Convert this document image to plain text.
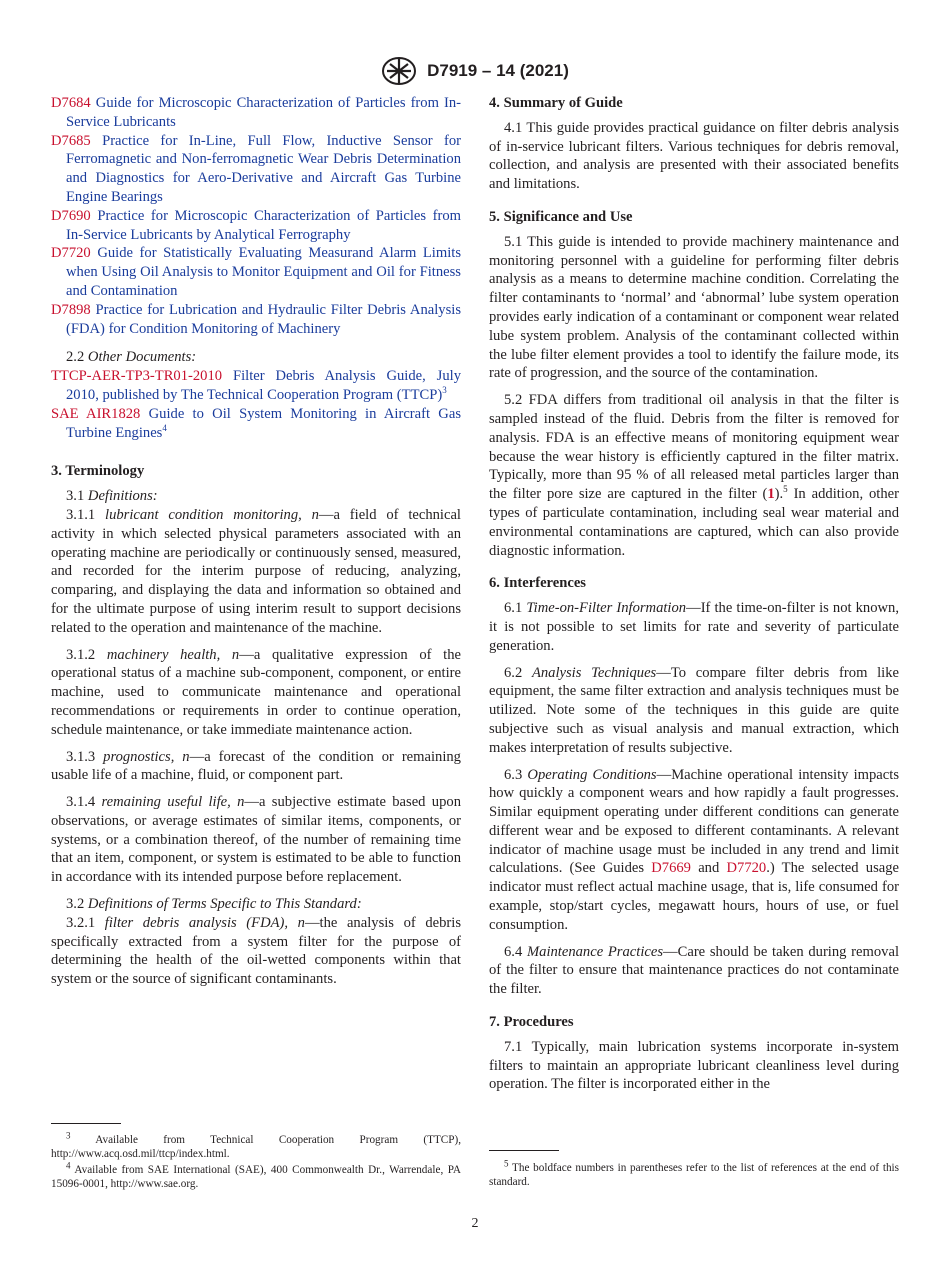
D7919 – 14 (2021)

D7684 Guide for Microscopic Characterization of Particles from In-Service Lubricants

D7685 Practice for In-Line, Full Flow, Inductive Sensor for Ferromagnetic and Non-ferromagnetic Wear Debris Determination and Diagnostics for Aero-Derivative and Aircraft Gas Turbine Engine Bearings

D7690 Practice for Microscopic Characterization of Particles from In-Service Lubricants by Analytical Ferrography

D7720 Guide for Statistically Evaluating Measurand Alarm Limits when Using Oil Analysis to Monitor Equipment and Oil for Fitness and Contamination

D7898 Practice for Lubrication and Hydraulic Filter Debris Analysis (FDA) for Condition Monitoring of Machinery

2.2 Other Documents:

TTCP-AER-TP3-TR01-2010 Filter Debris Analysis Guide, July 2010, published by The Technical Cooperation Program (TTCP)$^3$

SAE AIR1828 Guide to Oil System Monitoring in Aircraft Gas Turbine Engines$^4$

3. Terminology

3.1 Definitions:

3.1.1 lubricant condition monitoring, n—a field of technical activity in which selected physical parameters associated with an operating machine are periodically or continuously sensed, measured, and recorded for the interim purpose of reducing, analyzing, comparing, and displaying the data and information so obtained and for the ultimate purpose of using interim result to support decisions related to the operation and maintenance of the machine.

3.1.2 machinery health, n—a qualitative expression of the operational status of a machine sub-component, component, or entire machine, used to communicate maintenance and operational recommendations or requirements in order to continue operation, schedule maintenance, or take immediate maintenance action.

3.1.3 prognostics, n—a forecast of the condition or remaining usable life of a machine, fluid, or component part.

3.1.4 remaining useful life, n—a subjective estimate based upon observations, or average estimates of similar items, components, or systems, or a combination thereof, of the number of remaining time that an item, component, or system is estimated to be able to function in accordance with its intended purpose before replacement.

3.2 Definitions of Terms Specific to This Standard:

3.2.1 filter debris analysis (FDA), n—the analysis of debris specifically extracted from a system filter for the purpose of determining the health of the oil-wetted components within that system or the source of significant contaminants.

$^3$ Available from Technical Cooperation Program (TTCP), http://www.acq.osd.mil/ttcp/index.html.

$^4$ Available from SAE International (SAE), 400 Commonwealth Dr., Warrendale, PA 15096-0001, http://www.sae.org.

4. Summary of Guide

4.1 This guide provides practical guidance on filter debris analysis of in-service lubricant filters. Various techniques for debris removal, collection, and analysis are presented with their associated benefits and limitations.

5. Significance and Use

5.1 This guide is intended to provide machinery maintenance and monitoring personnel with a guideline for performing filter debris analysis as a means to determine machine condition. Correlating the filter contaminants to ‘normal’ and ‘abnormal’ lube system operation provides early indication of a contaminant or component wear related lube system problem. Analysis of the contaminant collected within the lube filter element provides a tool to identify the failure mode, its rate of progression, and the source of the contamination.

5.2 FDA differs from traditional oil analysis in that the filter is sampled instead of the fluid. Debris from the filter is removed for analysis. FDA is an effective means of monitoring equipment wear because the wear history is efficiently captured in the filter matrix. Typically, more than 95 % of all released metal particles larger than the filter pore size are captured in the filter (1).$^5$ In addition, other types of particulate contamination, including seal wear material and environmental contaminations are captured, which can also provide diagnostic information.

6. Interferences

6.1 Time-on-Filter Information—If the time-on-filter is not known, it is not possible to set limits for rate and severity of particulate generation.

6.2 Analysis Techniques—To compare filter debris from like equipment, the same filter extraction and analysis techniques must be utilized. Note some of the techniques in this guide are quite subjective such as visual analysis and manual extraction, which makes interpretation of results subjective.

6.3 Operating Conditions—Machine operational intensity impacts how quickly a component wears and how rapidly a fault progresses. Similar equipment operating under different conditions can generate different wear and be exposed to different contaminants. A relevant indicator of machine usage must be included in any trend and limit calculations. (See Guides D7669 and D7720.) The selected usage indicator must reflect actual machine usage, that is, life consumed for example, stop/start cycles, megawatt hours, hours of use, or fuel consumption.

6.4 Maintenance Practices—Care should be taken during removal of the filter to ensure that maintenance practices do not contaminate the filter.

7. Procedures

7.1 Typically, main lubrication systems incorporate in-system filters to maintain an appropriate lubricant cleanliness level during operation. The filter is incorporated either in the

$^5$ The boldface numbers in parentheses refer to the list of references at the end of this standard.

2
